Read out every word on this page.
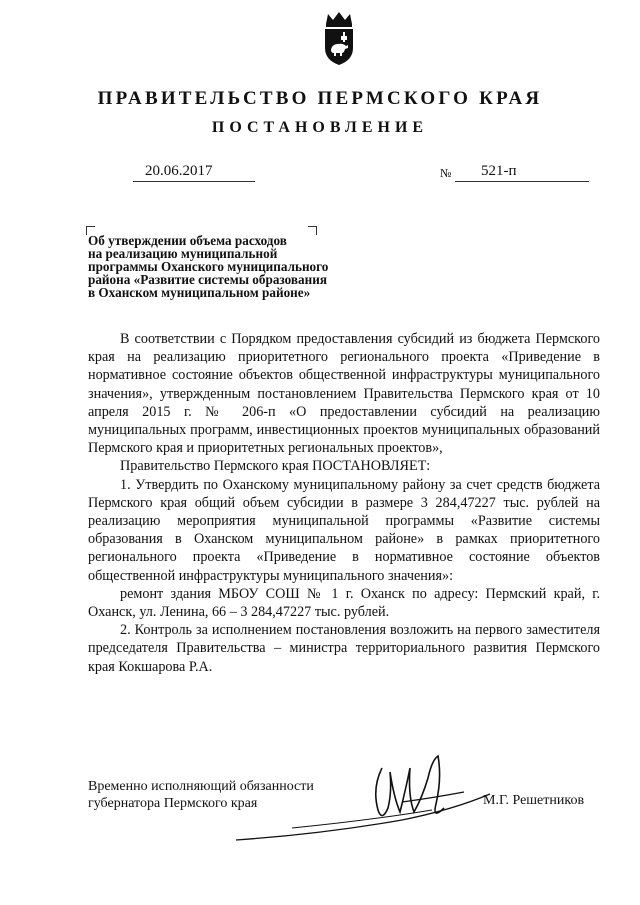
ПРАВИТЕЛЬСТВО ПЕРМСКОГО КРАЯ
ПОСТАНОВЛЕНИЕ
20.06.2017	№	521-п
Об утверждении объема расходов
на реализацию муниципальной
программы Оханского муниципального
района «Развитие системы образования
в Оханском муниципальном районе»

В соответствии с Порядком предоставления субсидий из бюджета Пермского края на реализацию приоритетного регионального проекта «Приведение в нормативное состояние объектов общественной инфраструктуры муниципального значения», утвержденным постановлением Правительства Пермского края от 10 апреля 2015 г. № 206-п «О предоставлении субсидий на реализацию муниципальных программ, инвестиционных проектов муниципальных образований Пермского края и приоритетных региональных проектов»,

Правительство Пермского края ПОСТАНОВЛЯЕТ:

1. Утвердить по Оханскому муниципальному району за счет средств бюджета Пермского края общий объем субсидии в размере 3 284,47227 тыс. рублей на реализацию мероприятия муниципальной программы «Развитие системы образования в Оханском муниципальном районе» в рамках приоритетного регионального проекта «Приведение в нормативное состояние объектов общественной инфраструктуры муниципального значения»:

ремонт здания МБОУ СОШ № 1 г. Оханск по адресу: Пермский край, г. Оханск, ул. Ленина, 66 – 3 284,47227 тыс. рублей.

2. Контроль за исполнением постановления возложить на первого заместителя председателя Правительства – министра территориального развития Пермского края Кокшарова Р.А.

Временно исполняющий обязанности
губернатора Пермского края	М.Г. Решетников
